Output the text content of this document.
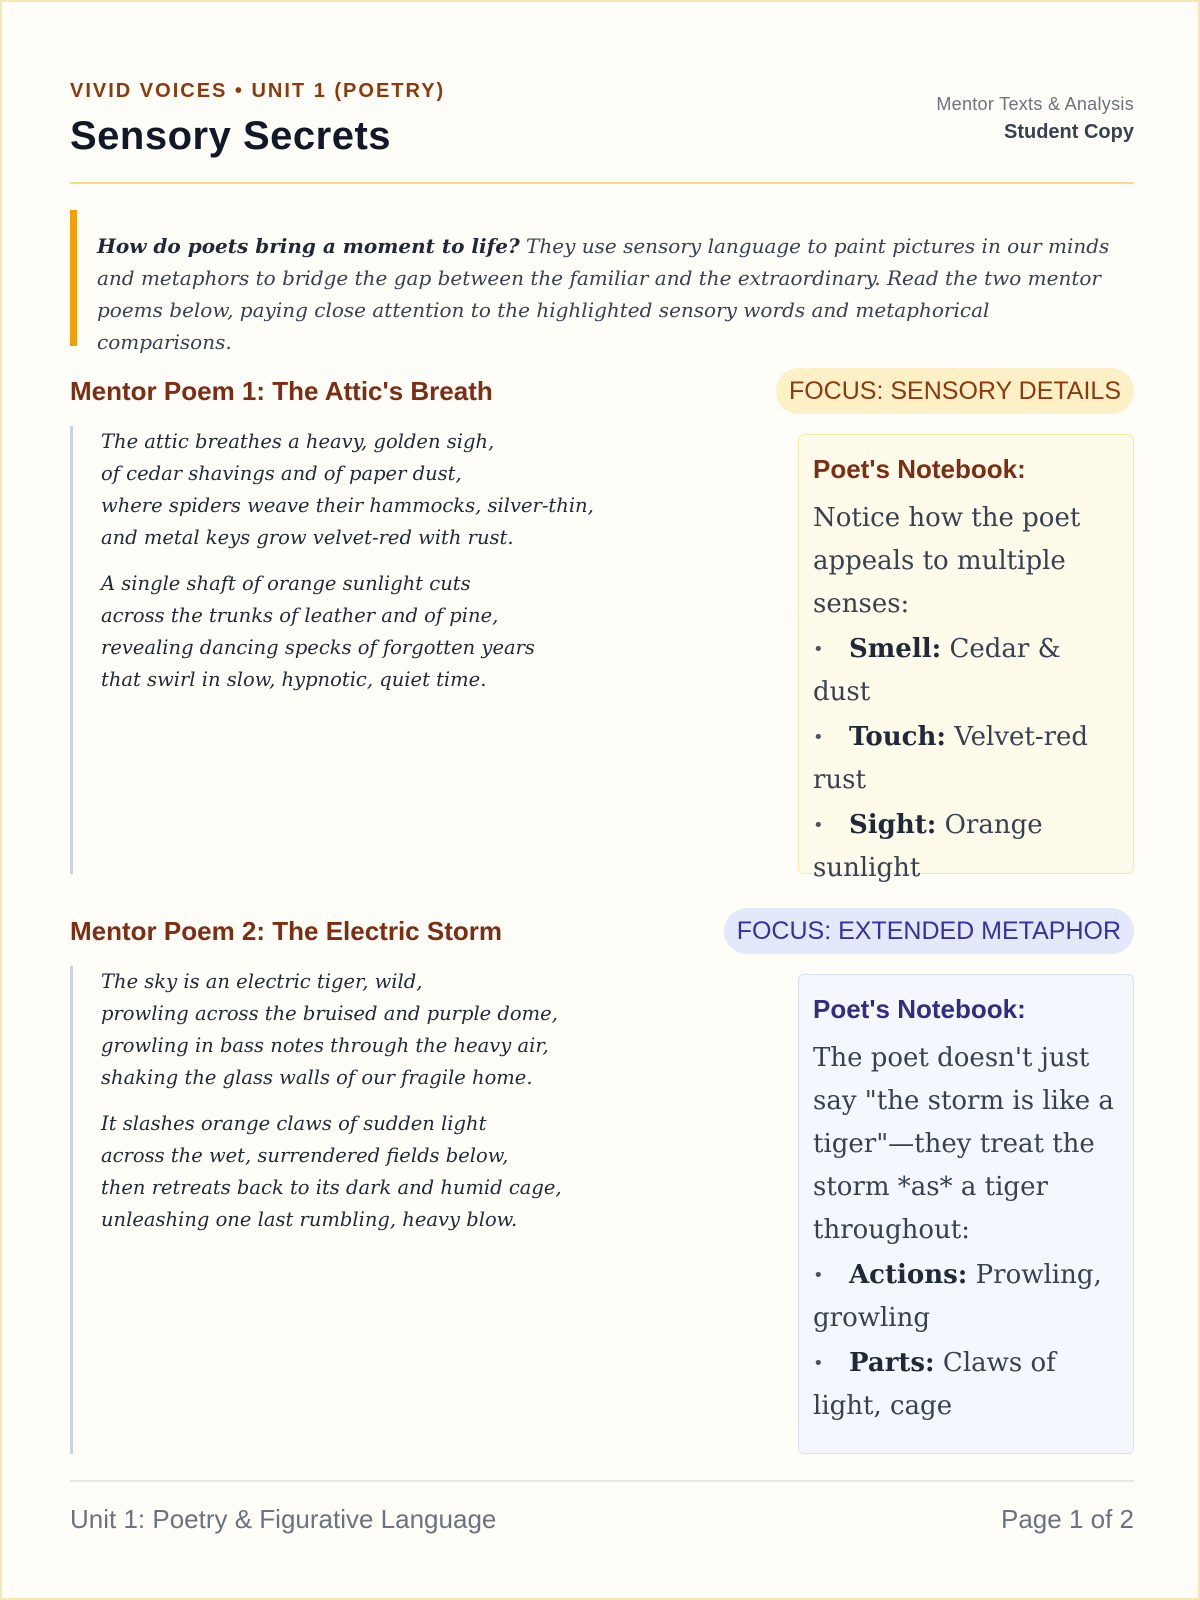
VIVID VOICES • UNIT 1 (POETRY)
Sensory Secrets
Mentor Texts & Analysis
Student Copy
How do poets bring a moment to life? They use sensory language to paint pictures in our minds and metaphors to bridge the gap between the familiar and the extraordinary. Read the two mentor poems below, paying close attention to the highlighted sensory words and metaphorical comparisons.
Mentor Poem 1: The Attic's Breath	FOCUS: SENSORY DETAILS
The attic breathes a heavy, golden sigh,
of cedar shavings and of paper dust,
where spiders weave their hammocks, silver-thin,
and metal keys grow velvet-red with rust.
A single shaft of orange sunlight cuts
across the trunks of leather and of pine,
revealing dancing specks of forgotten years
that swirl in slow, hypnotic, quiet time.
Poet's Notebook:
Notice how the poet appeals to multiple senses:
• Smell: Cedar & dust
• Touch: Velvet-red rust
• Sight: Orange sunlight
Mentor Poem 2: The Electric Storm	FOCUS: EXTENDED METAPHOR
The sky is an electric tiger, wild,
prowling across the bruised and purple dome,
growling in bass notes through the heavy air,
shaking the glass walls of our fragile home.
It slashes orange claws of sudden light
across the wet, surrendered fields below,
then retreats back to its dark and humid cage,
unleashing one last rumbling, heavy blow.
Poet's Notebook:
The poet doesn't just say "the storm is like a tiger"—they treat the storm *as* a tiger throughout:
• Actions: Prowling, growling
• Parts: Claws of light, cage
Unit 1: Poetry & Figurative Language	Page 1 of 2
